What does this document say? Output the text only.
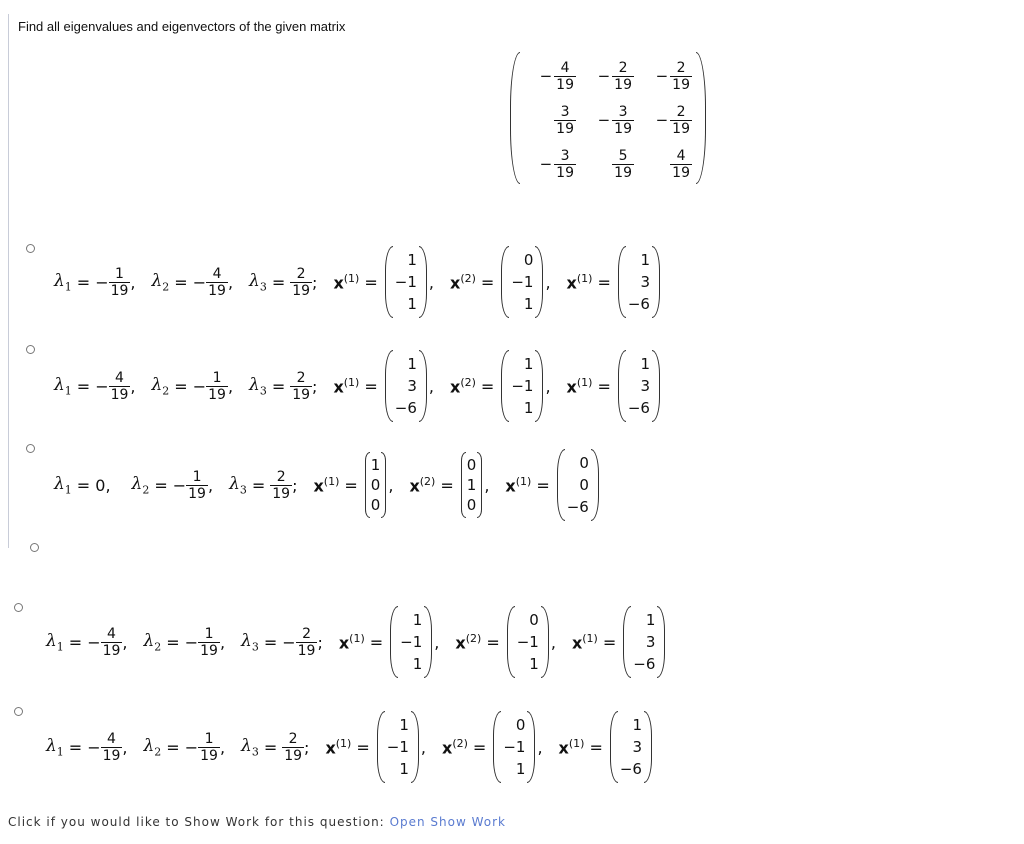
Find all eigenvalues and eigenvectors of the given matrix
− $\frac{4}{19} - \frac{2}{19} - \frac{2}{19}$
$\frac{3}{19} - \frac{3}{19} - \frac{2}{19}$
− $\frac{3}{19}$	$\frac{5}{19}$	$\frac{4}{19}$
$\lambda_1$ = − $\frac{1}{19}$ , $\lambda_2$ = − $\frac{4}{19}$ , $\lambda_3 = \frac{2}{19}$ ; $x^{(1)}$ =
1
−1
1
, $x^{(2)}$ =
0
−1
1
, $x^{(1)}$ =
1
3
−6
$\lambda_1$ = − $\frac{4}{19}$ , $\lambda_2$ = − $\frac{1}{19}$ , $\lambda_3 = \frac{2}{19}$ ; $x^{(1)}$ =
1
3
−6
, $x^{(2)}$ =
1
−1
1
, $x^{(1)}$ =
1
3
−6
$\lambda_1 = 0$, $\lambda_2$ = − $\frac{1}{19}$ , $\lambda_3 = \frac{2}{19}$ ; $x^{(1)}$ =
1
0
0
, $x^{(2)}$ =
0
1
0
, $x^{(1)}$ =
0
0
−6
$\lambda_1$ = − $\frac{4}{19}$ , $\lambda_2$ = − $\frac{1}{19}$ , $\lambda_3$ = − $\frac{2}{19}$ ; $x^{(1)}$ =
1
−1
1
, $x^{(2)}$ =
0
−1
1
, $x^{(1)}$ =
1
3
−6
$\lambda_1$ = − $\frac{4}{19}$ , $\lambda_2$ = − $\frac{1}{19}$ , $\lambda_3 = \frac{2}{19}$ ; $x^{(1)}$ =
1
−1
1
, $x^{(2)}$ =
0
−1
1
, $x^{(1)}$ =
1
3
−6
Click if you would like to Show Work for this question: Open Show Work
